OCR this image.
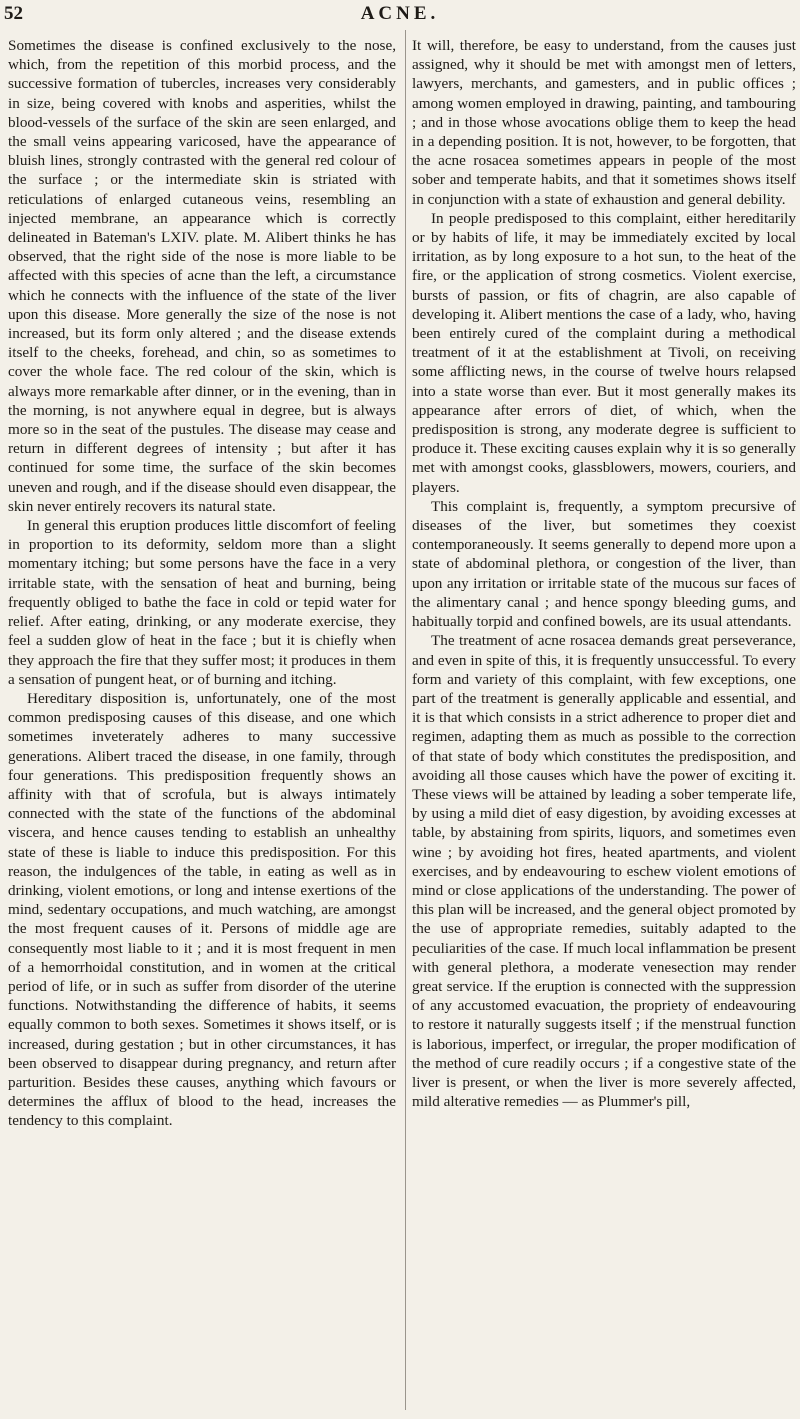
52	ACNE.

Sometimes the disease is confined exclusively to the nose, which, from the repetition of this morbid process, and the successive formation of tubercles, increases very considerably in size, being covered with knobs and asperities, whilst the blood-vessels of the surface of the skin are seen enlarged, and the small veins appearing varicosed, have the appearance of bluish lines, strongly contrasted with the general red colour of the surface ; or the intermediate skin is striated with reticulations of enlarged cutaneous veins, resembling an injected membrane, an appearance which is correctly delineated in Bateman's LXIV. plate. M. Alibert thinks he has observed, that the right side of the nose is more liable to be affected with this species of acne than the left, a circumstance which he connects with the influence of the state of the liver upon this disease. More generally the size of the nose is not increased, but its form only altered ; and the disease extends itself to the cheeks, forehead, and chin, so as sometimes to cover the whole face. The red colour of the skin, which is always more remarkable after dinner, or in the evening, than in the morning, is not anywhere equal in degree, but is always more so in the seat of the pustules. The disease may cease and return in different degrees of intensity ; but after it has continued for some time, the surface of the skin becomes uneven and rough, and if the disease should even disappear, the skin never entirely recovers its natural state.

In general this eruption produces little discomfort of feeling in proportion to its deformity, seldom more than a slight momentary itching; but some persons have the face in a very irritable state, with the sensation of heat and burning, being frequently obliged to bathe the face in cold or tepid water for relief. After eating, drinking, or any moderate exercise, they feel a sudden glow of heat in the face ; but it is chiefly when they approach the fire that they suffer most; it produces in them a sensation of pungent heat, or of burning and itching.

Hereditary disposition is, unfortunately, one of the most common predisposing causes of this disease, and one which sometimes inveterately adheres to many successive generations. Alibert traced the disease, in one family, through four generations. This predisposition frequently shows an affinity with that of scrofula, but is always intimately connected with the state of the functions of the abdominal viscera, and hence causes tending to establish an unhealthy state of these is liable to induce this predisposition. For this reason, the indulgences of the table, in eating as well as in drinking, violent emotions, or long and intense exertions of the mind, sedentary occupations, and much watching, are amongst the most frequent causes of it. Persons of middle age are consequently most liable to it ; and it is most frequent in men of a hemorrhoidal constitution, and in women at the critical period of life, or in such as suffer from disorder of the uterine functions. Notwithstanding the difference of habits, it seems equally common to both sexes. Sometimes it shows itself, or is increased, during gestation ; but in other circumstances, it has been observed to disappear during pregnancy, and return after parturition. Besides these causes, anything which favours or determines the afflux of blood to the head, increases the tendency to this complaint.

It will, therefore, be easy to understand, from the causes just assigned, why it should be met with amongst men of letters, lawyers, merchants, and gamesters, and in public offices ; among women employed in drawing, painting, and tambouring ; and in those whose avocations oblige them to keep the head in a depending position. It is not, however, to be forgotten, that the acne rosacea sometimes appears in people of the most sober and temperate habits, and that it sometimes shows itself in conjunction with a state of exhaustion and general debility.

In people predisposed to this complaint, either hereditarily or by habits of life, it may be immediately excited by local irritation, as by long exposure to a hot sun, to the heat of the fire, or the application of strong cosmetics. Violent exercise, bursts of passion, or fits of chagrin, are also capable of developing it. Alibert mentions the case of a lady, who, having been entirely cured of the complaint during a methodical treatment of it at the establishment at Tivoli, on receiving some afflicting news, in the course of twelve hours relapsed into a state worse than ever. But it most generally makes its appearance after errors of diet, of which, when the predisposition is strong, any moderate degree is sufficient to produce it. These exciting causes explain why it is so generally met with amongst cooks, glassblowers, mowers, couriers, and players.

This complaint is, frequently, a symptom precursive of diseases of the liver, but sometimes they coexist contemporaneously. It seems generally to depend more upon a state of abdominal plethora, or congestion of the liver, than upon any irritation or irritable state of the mucous sur faces of the alimentary canal ; and hence spongy bleeding gums, and habitually torpid and confined bowels, are its usual attendants.

The treatment of acne rosacea demands great perseverance, and even in spite of this, it is frequently unsuccessful. To every form and variety of this complaint, with few exceptions, one part of the treatment is generally applicable and essential, and it is that which consists in a strict adherence to proper diet and regimen, adapting them as much as possible to the correction of that state of body which constitutes the predisposition, and avoiding all those causes which have the power of exciting it. These views will be attained by leading a sober temperate life, by using a mild diet of easy digestion, by avoiding excesses at table, by abstaining from spirits, liquors, and sometimes even wine ; by avoiding hot fires, heated apartments, and violent exercises, and by endeavouring to eschew violent emotions of mind or close applications of the understanding. The power of this plan will be increased, and the general object promoted by the use of appropriate remedies, suitably adapted to the peculiarities of the case. If much local inflammation be present with general plethora, a moderate venesection may render great service. If the eruption is connected with the suppression of any accustomed evacuation, the propriety of endeavouring to restore it naturally suggests itself ; if the menstrual function is laborious, imperfect, or irregular, the proper modification of the method of cure readily occurs ; if a congestive state of the liver is present, or when the liver is more severely affected, mild alterative remedies — as Plummer's pill,
